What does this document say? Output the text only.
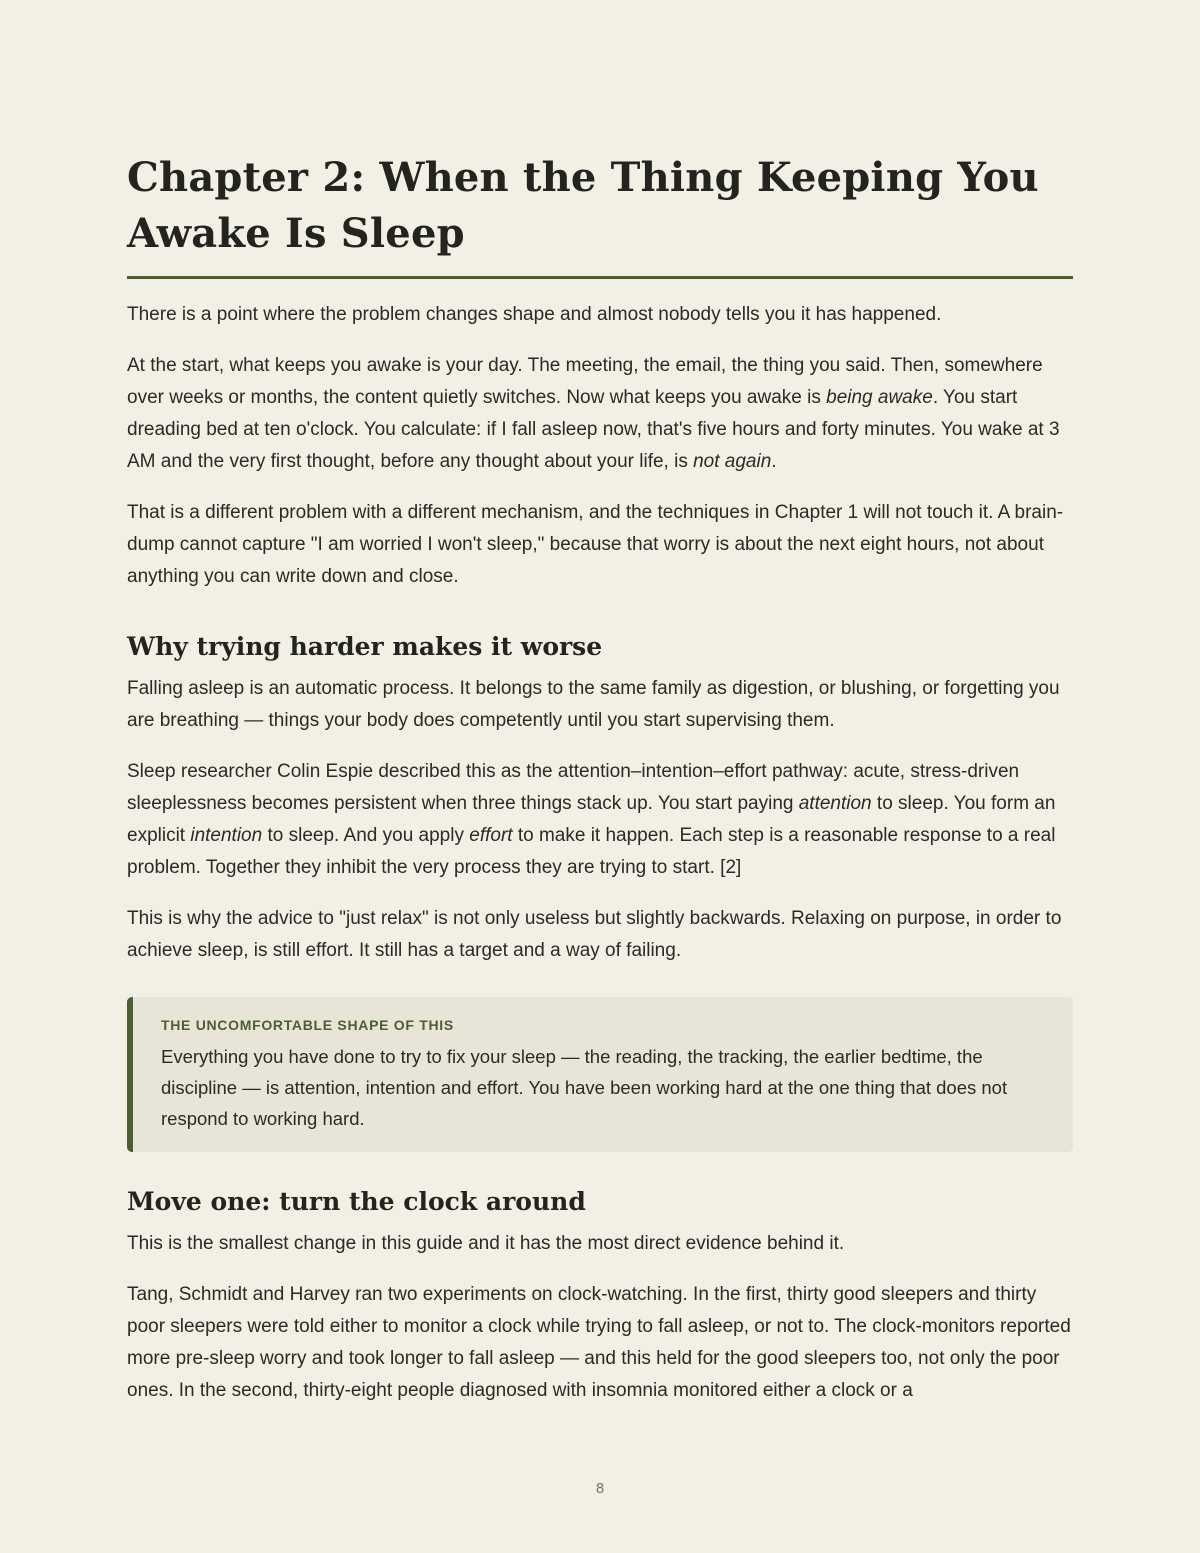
Chapter 2: When the Thing Keeping You Awake Is Sleep

There is a point where the problem changes shape and almost nobody tells you it has happened.

At the start, what keeps you awake is your day. The meeting, the email, the thing you said. Then, somewhere over weeks or months, the content quietly switches. Now what keeps you awake is being awake. You start dreading bed at ten o'clock. You calculate: if I fall asleep now, that's five hours and forty minutes. You wake at 3 AM and the very first thought, before any thought about your life, is not again.

That is a different problem with a different mechanism, and the techniques in Chapter 1 will not touch it. A brain-dump cannot capture "I am worried I won't sleep," because that worry is about the next eight hours, not about anything you can write down and close.

Why trying harder makes it worse

Falling asleep is an automatic process. It belongs to the same family as digestion, or blushing, or forgetting you are breathing — things your body does competently until you start supervising them.

Sleep researcher Colin Espie described this as the attention–intention–effort pathway: acute, stress-driven sleeplessness becomes persistent when three things stack up. You start paying attention to sleep. You form an explicit intention to sleep. And you apply effort to make it happen. Each step is a reasonable response to a real problem. Together they inhibit the very process they are trying to start. [2]

This is why the advice to "just relax" is not only useless but slightly backwards. Relaxing on purpose, in order to achieve sleep, is still effort. It still has a target and a way of failing.

THE UNCOMFORTABLE SHAPE OF THIS

Everything you have done to try to fix your sleep — the reading, the tracking, the earlier bedtime, the discipline — is attention, intention and effort. You have been working hard at the one thing that does not respond to working hard.

Move one: turn the clock around

This is the smallest change in this guide and it has the most direct evidence behind it.

Tang, Schmidt and Harvey ran two experiments on clock-watching. In the first, thirty good sleepers and thirty poor sleepers were told either to monitor a clock while trying to fall asleep, or not to. The clock-monitors reported more pre-sleep worry and took longer to fall asleep — and this held for the good sleepers too, not only the poor ones. In the second, thirty-eight people diagnosed with insomnia monitored either a clock or a

8
